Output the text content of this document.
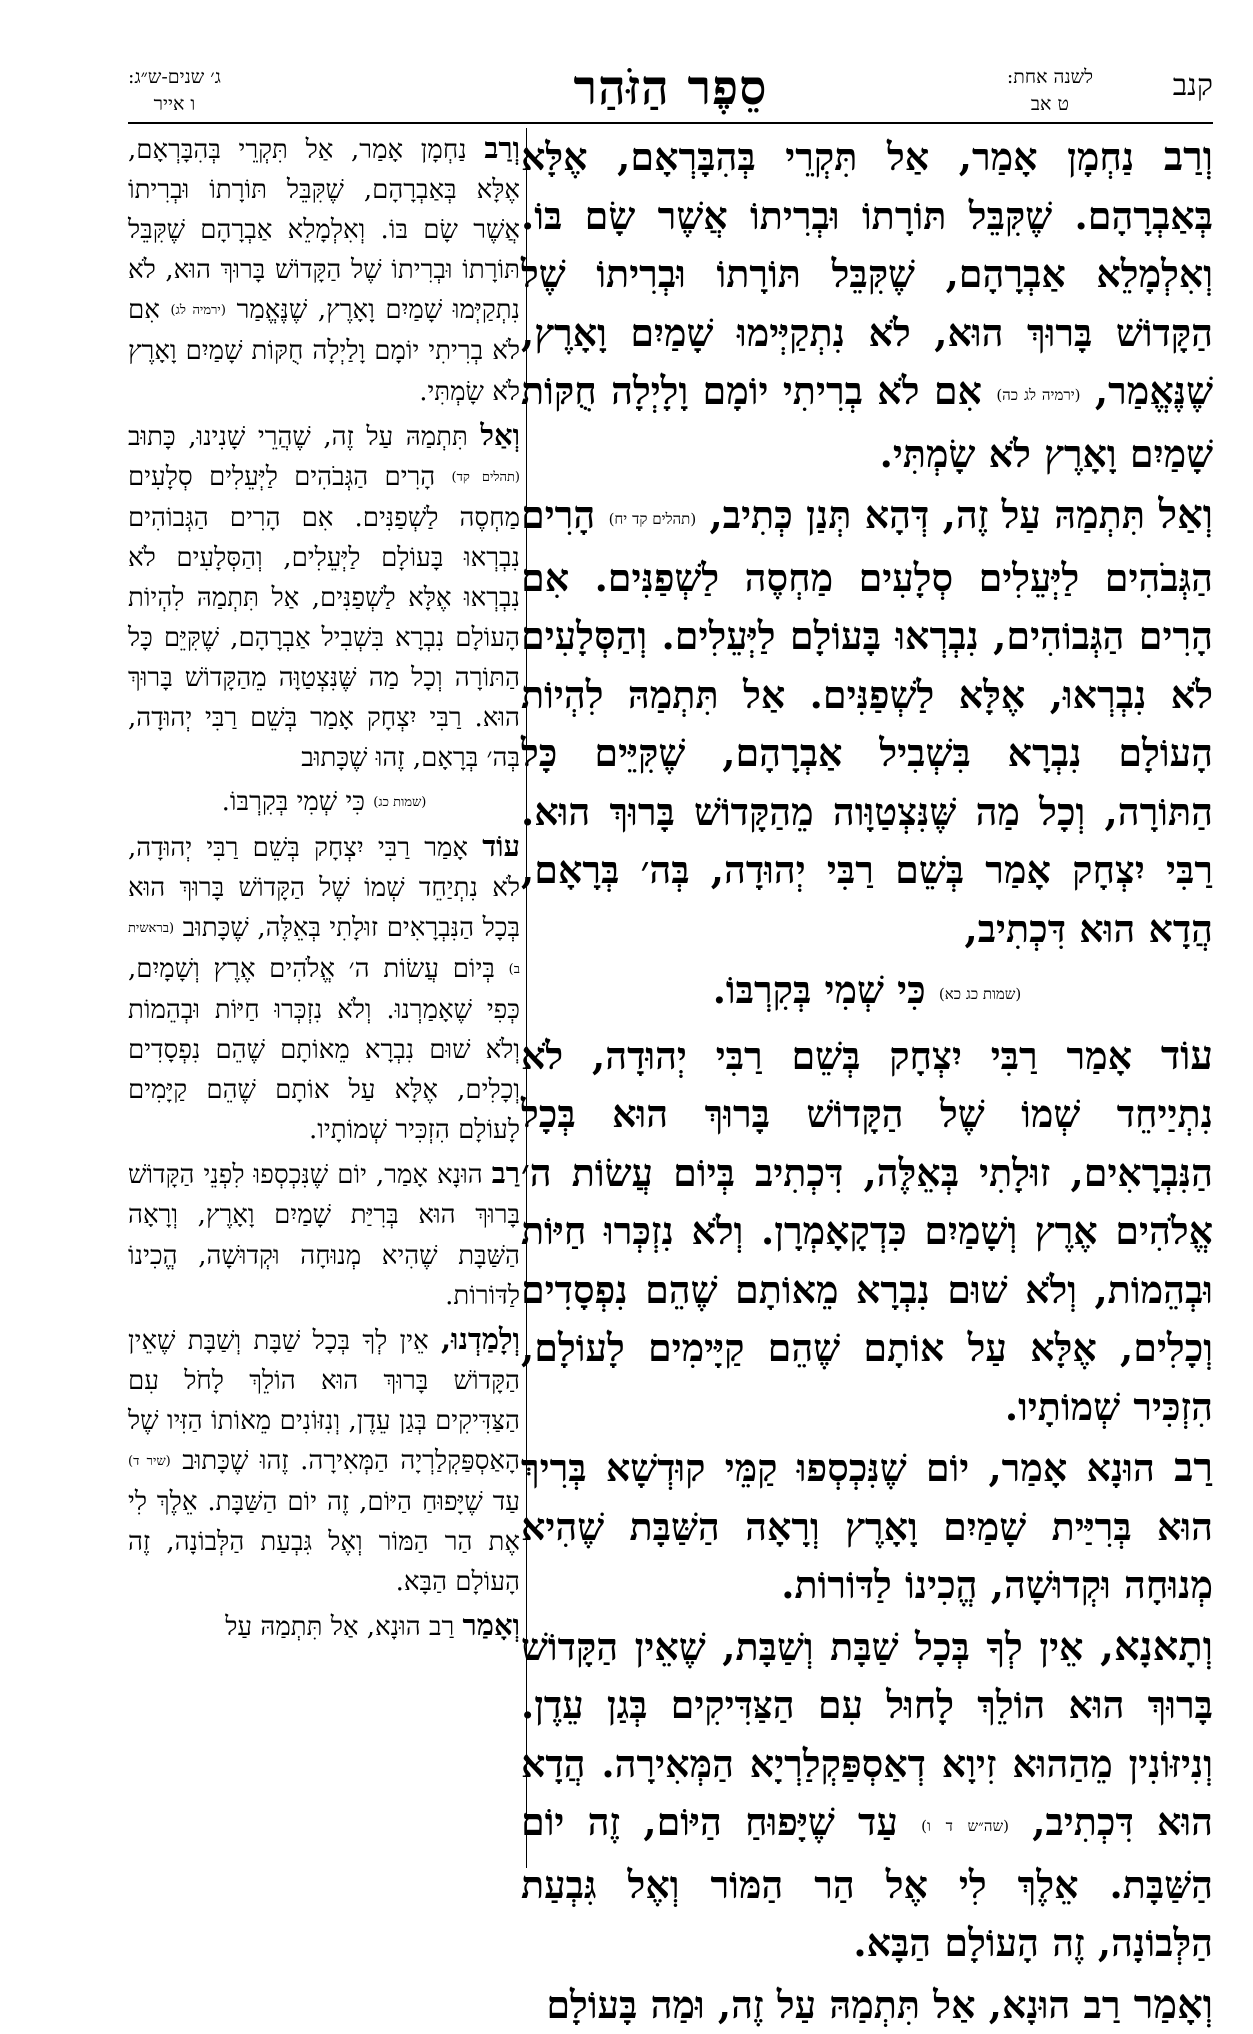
קנב
לשנה אחת:
ט אב
סֵפֶר הַזֹּהַר
ג׳ שנים-ש״ג:
ו אייר

וְרַב נַחְמָן אָמַר, אַל תִּקְרֵי בְּהִבָּרְאָם, אֶלָּא בְּאַבְרָהָם. שֶׁקִּבֵּל תּוֹרָתוֹ וּבְרִיתוֹ אֲשֶׁר שָׂם בּוֹ. וְאִלְמָלֵא אַבְרָהָם, שֶׁקִּבֵּל תּוֹרָתוֹ וּבְרִיתוֹ שֶׁל הַקָּדוֹשׁ בָּרוּךְ הוּא, לֹא נִתְקַיְּימוּ שָׁמַיִם וָאָרֶץ, שֶׁנֶּאֱמַר, (ירמיה לג כה) אִם לֹא בְרִיתִי יוֹמָם וָלָיְלָה חֻקּוֹת שָׁמַיִם וָאָרֶץ לֹא שָׂמְתִּי.

וְאַל תִּתְמַהּ עַל זֶה, דְּהָא תְּנַן כְּתִיב, (תהלים קד יח) הָרִים הַגְּבֹהִים לַיְּעֵלִים סְלָעִים מַחְסֶה לַשְׁפַנִּים. אִם הָרִים הַגְּבוֹהִים, נִבְרְאוּ בָּעוֹלָם לַיְּעֵלִים. וְהַסְּלָעִים לֹא נִבְרְאוּ, אֶלָּא לַשְׁפַנִּים. אַל תִּתְמַהּ לִהְיוֹת הָעוֹלָם נִבְרָא בִּשְׁבִיל אַבְרָהָם, שֶׁקִּיֵּים כָּל הַתּוֹרָה, וְכָל מַה שֶּׁנִּצְטַוָּוה מֵהַקָּדוֹשׁ בָּרוּךְ הוּא. רַבִּי יִצְחָק אָמַר בְּשֵׁם רַבִּי יְהוּדָה, בְּה׳ בְּרָאָם, הֲדָא הוּא דִּכְתִיב,

(שמות כג כא) כִּי שְׁמִי בְּקִרְבּוֹ.

עוֹד אָמַר רַבִּי יִצְחָק בְּשֵׁם רַבִּי יְהוּדָה, לֹא נִתְיַיחֵד שְׁמוֹ שֶׁל הַקָּדוֹשׁ בָּרוּךְ הוּא בְּכָל הַנִּבְרָאִים, זוּלָתִי בְּאֵלֶּה, דִּכְתִיב בְּיוֹם עֲשׂוֹת ה׳ אֱלֹהִים אֶרֶץ וְשָׁמַיִם כִּדְקָאָמְרָן. וְלֹא נִזְכְּרוּ חַיּוֹת וּבְהֵמוֹת, וְלֹא שׁוּם נִבְרָא מֵאוֹתָם שֶׁהֵם נִפְסָדִים וְכָלִים, אֶלָּא עַל אוֹתָם שֶׁהֵם קַיָּימִים לָעוֹלָם, הִזְכִּיר שְׁמוֹתָיו.

רַב הוּנָא אָמַר, יוֹם שֶׁנִּכְסְפוּ קַמֵּי קוּדְשָׁא בְּרִיךְ הוּא בְּרִיַּית שָׁמַיִם וָאָרֶץ וְרָאָה הַשַּׁבָּת שֶׁהִיא מְנוּחָה וּקְדוּשָׁה, הֱכִינוֹ לַדּוֹרוֹת.

וְתָאנָא, אֵין לְךָ בְּכָל שַׁבָּת וְשַׁבָּת, שֶׁאֵין הַקָּדוֹשׁ בָּרוּךְ הוּא הוֹלֵךְ לָחוּל עִם הַצַּדִּיקִים בְּגַן עֵדֶן. וְנִיזּוֹנִין מֵהַהוּא זִיוָא דְאַסְפַּקְלַרְיָא הַמְּאִירָה. הֲדָא הוּא דִּכְתִיב, (שה״ש ד ו) עַד שֶׁיָּפוּחַ הַיּוֹם, זֶה יוֹם הַשַּׁבָּת. אֵלֶךְ לִי אֶל הַר הַמּוֹר וְאֶל גִּבְעַת הַלְּבוֹנָה, זֶה הָעוֹלָם הַבָּא.

וְאָמַר רַב הוּנָא, אַל תִּתְמַהּ עַל זֶה, וּמַה בָּעוֹלָם

וְרַב נַחְמָן אָמַר, אַל תִּקְרֵי בְּהִבָּרְאָם, אֶלָּא בְּאַבְרָהָם, שֶׁקִּבֵּל תּוֹרָתוֹ וּבְרִיתוֹ אֲשֶׁר שָׂם בּוֹ. וְאִלְמָלֵא אַבְרָהָם שֶׁקִּבֵּל תּוֹרָתוֹ וּבְרִיתוֹ שֶׁל הַקָּדוֹשׁ בָּרוּךְ הוּא, לֹא נִתְקַיְּמוּ שָׁמַיִם וָאָרֶץ, שֶׁנֶּאֱמַר (ירמיה לג) אִם לֹא בְרִיתִי יוֹמָם וָלַיְלָה חֻקּוֹת שָׁמַיִם וָאָרֶץ לֹא שָׂמְתִּי.

וְאַל תִּתְמַהּ עַל זֶה, שֶׁהֲרֵי שָׁנִינוּ, כָּתוּב (תהלים קד) הָרִים הַגְּבֹהִים לַיְּעֵלִים סְלָעִים מַחְסֶה לַשְׁפַנִּים. אִם הָרִים הַגְּבוֹהִים נִבְרְאוּ בָּעוֹלָם לַיְּעֵלִים, וְהַסְּלָעִים לֹא נִבְרְאוּ אֶלָּא לַשְׁפַנִּים, אַל תִּתְמַהּ לִהְיוֹת הָעוֹלָם נִבְרָא בִּשְׁבִיל אַבְרָהָם, שֶׁקִּיֵּם כָּל הַתּוֹרָה וְכָל מַה שֶּׁנִּצְטַוָּה מֵהַקָּדוֹשׁ בָּרוּךְ הוּא. רַבִּי יִצְחָק אָמַר בְּשֵׁם רַבִּי יְהוּדָה, בְּה׳ בְּרָאָם, זֶהוּ שֶׁכָּתוּב

(שמות כג) כִּי שְׁמִי בְּקִרְבּוֹ.

עוֹד אָמַר רַבִּי יִצְחָק בְּשֵׁם רַבִּי יְהוּדָה, לֹא נִתְיַחֵד שְׁמוֹ שֶׁל הַקָּדוֹשׁ בָּרוּךְ הוּא בְּכָל הַנִּבְרָאִים זוּלָתִי בְּאֵלֶּה, שֶׁכָּתוּב (בראשית ב) בְּיוֹם עֲשׂוֹת ה׳ אֱלֹהִים אֶרֶץ וְשָׁמָיִם, כְּפִי שֶׁאָמַרְנוּ. וְלֹא נִזְכְּרוּ חַיּוֹת וּבְהֵמוֹת וְלֹא שׁוּם נִבְרָא מֵאוֹתָם שֶׁהֵם נִפְסָדִים וְכָלִים, אֶלָּא עַל אוֹתָם שֶׁהֵם קַיָּמִים לָעוֹלָם הִזְכִּיר שְׁמוֹתָיו.

רַב הוּנָא אָמַר, יוֹם שֶׁנִּכְסְפוּ לִפְנֵי הַקָּדוֹשׁ בָּרוּךְ הוּא בְּרִיַּת שָׁמַיִם וָאָרֶץ, וְרָאָה הַשַּׁבָּת שֶׁהִיא מְנוּחָה וּקְדוּשָׁה, הֱכִינוֹ לַדּוֹרוֹת.

וְלָמַדְנוּ, אֵין לְךָ בְּכָל שַׁבָּת וְשַׁבָּת שֶׁאֵין הַקָּדוֹשׁ בָּרוּךְ הוּא הוֹלֵךְ לָחֹל עִם הַצַּדִּיקִים בְּגַן עֵדֶן, וְנִזּוֹנִים מֵאוֹתוֹ הַזִּיו שֶׁל הָאַסְפַּקְלַרְיָה הַמְּאִירָה. זֶהוּ שֶׁכָּתוּב (שיר ד) עַד שֶׁיָּפוּחַ הַיּוֹם, זֶה יוֹם הַשַּׁבָּת. אֵלֶךְ לִי אֶת הַר הַמּוֹר וְאֶל גִּבְעַת הַלְּבוֹנָה, זֶה הָעוֹלָם הַבָּא.

וְאָמַר רַב הוּנָא, אַל תִּתְמַהּ עַל
